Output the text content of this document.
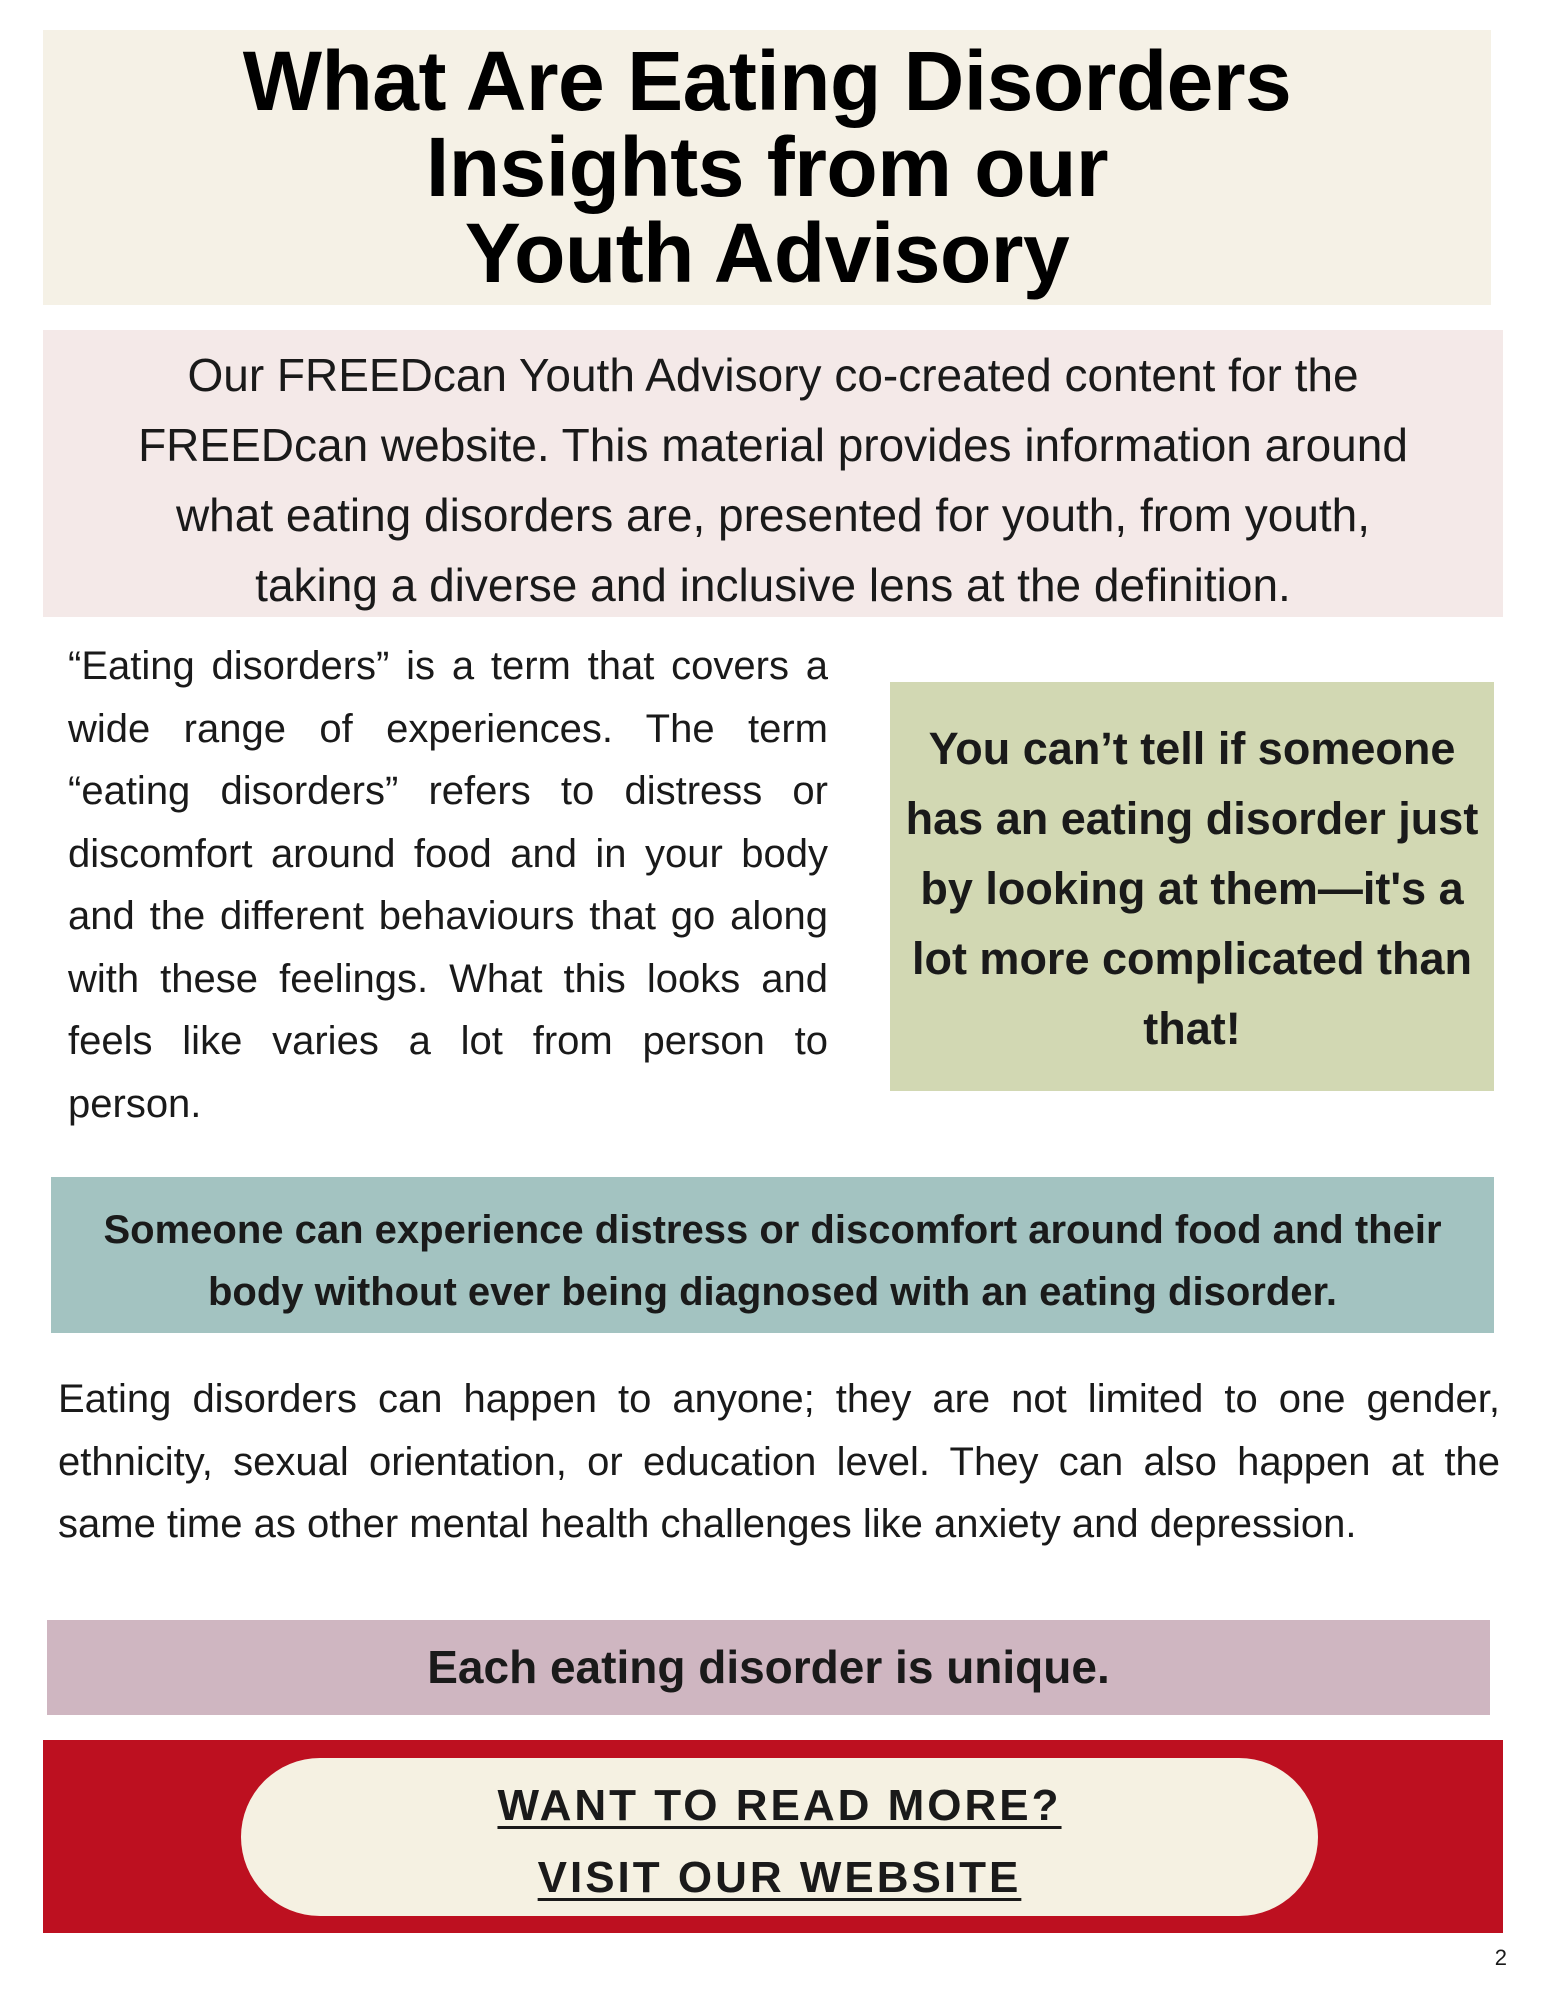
What Are Eating Disorders
Insights from our
Youth Advisory
Our FREEDcan Youth Advisory co-created content for the
FREEDcan website. This material provides information around
what eating disorders are, presented for youth, from youth,
taking a diverse and inclusive lens at the definition.

“Eating disorders” is a term that covers a wide range of experiences. The term “eating disorders” refers to distress or discomfort around food and in your body and the different behaviours that go along with these feelings. What this looks and feels like varies a lot from person to person.

You can’t tell if someone has an eating disorder just by looking at them—it's a lot more complicated than that!
Someone can experience distress or discomfort around food and their body without ever being diagnosed with an eating disorder.

Eating disorders can happen to anyone; they are not limited to one gender, ethnicity, sexual orientation, or education level. They can also happen at the same time as other mental health challenges like anxiety and depression.

Each eating disorder is unique.
WANT TO READ MORE?
VISIT OUR WEBSITE
2
